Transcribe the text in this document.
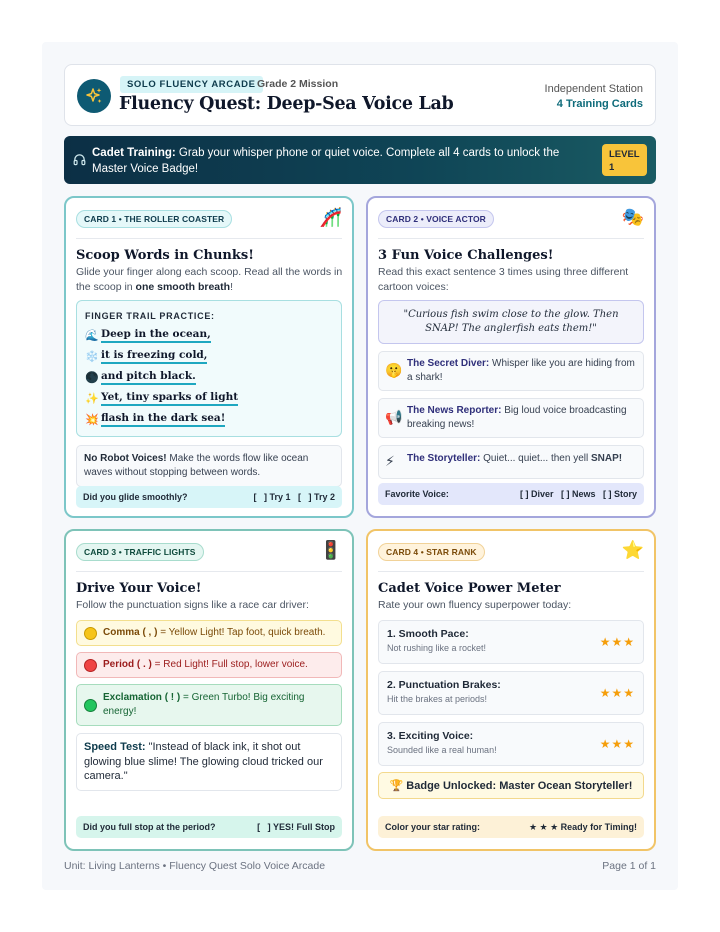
SOLO FLUENCY ARCADE Grade 2 Mission
Fluency Quest: Deep-Sea Voice Lab
Independent Station
4 Training Cards
Cadet Training: Grab your whisper phone or quiet voice. Complete all 4 cards to unlock the Master Voice Badge!
LEVEL
1
CARD 1 • THE ROLLER COASTER	🎢
Scoop Words in Chunks!
Glide your finger along each scoop. Read all the words in the scoop in one smooth breath!
FINGER TRAIL PRACTICE:
🌊 Deep in the ocean,
❄️ it is freezing cold,
🌑 and pitch black.
✨ Yet, tiny sparks of light
💥 flash in the dark sea!
No Robot Voices! Make the words flow like ocean waves without stopping between words.
Did you glide smoothly?	[   ] Try 1   [   ] Try 2
CARD 2 • VOICE ACTOR	🎭
3 Fun Voice Challenges!
Read this exact sentence 3 times using three different cartoon voices:
"Curious fish swim close to the glow. Then SNAP! The anglerfish eats them!"
🤫 The Secret Diver: Whisper like you are hiding from a shark!
📢 The News Reporter: Big loud voice broadcasting breaking news!
⚡ The Storyteller: Quiet... quiet... then yell SNAP!
Favorite Voice:	[ ] Diver   [ ] News   [ ] Story
CARD 3 • TRAFFIC LIGHTS	🚦
Drive Your Voice!
Follow the punctuation signs like a race car driver:
Comma ( , ) = Yellow Light! Tap foot, quick breath.
Period ( . ) = Red Light! Full stop, lower voice.
Exclamation ( ! ) = Green Turbo! Big exciting energy!
Speed Test: "Instead of black ink, it shot out glowing blue slime! The glowing cloud tricked our camera."
Did you full stop at the period?	[   ] YES! Full Stop
CARD 4 • STAR RANK	⭐
Cadet Voice Power Meter
Rate your own fluency superpower today:
1. Smooth Pace:
Not rushing like a rocket!	★★★
2. Punctuation Brakes:
Hit the brakes at periods!	★★★
3. Exciting Voice:
Sounded like a real human!	★★★
🏆 Badge Unlocked: Master Ocean Storyteller!
Color your star rating:	★ ★ ★ Ready for Timing!
Unit: Living Lanterns • Fluency Quest Solo Voice Arcade	Page 1 of 1
